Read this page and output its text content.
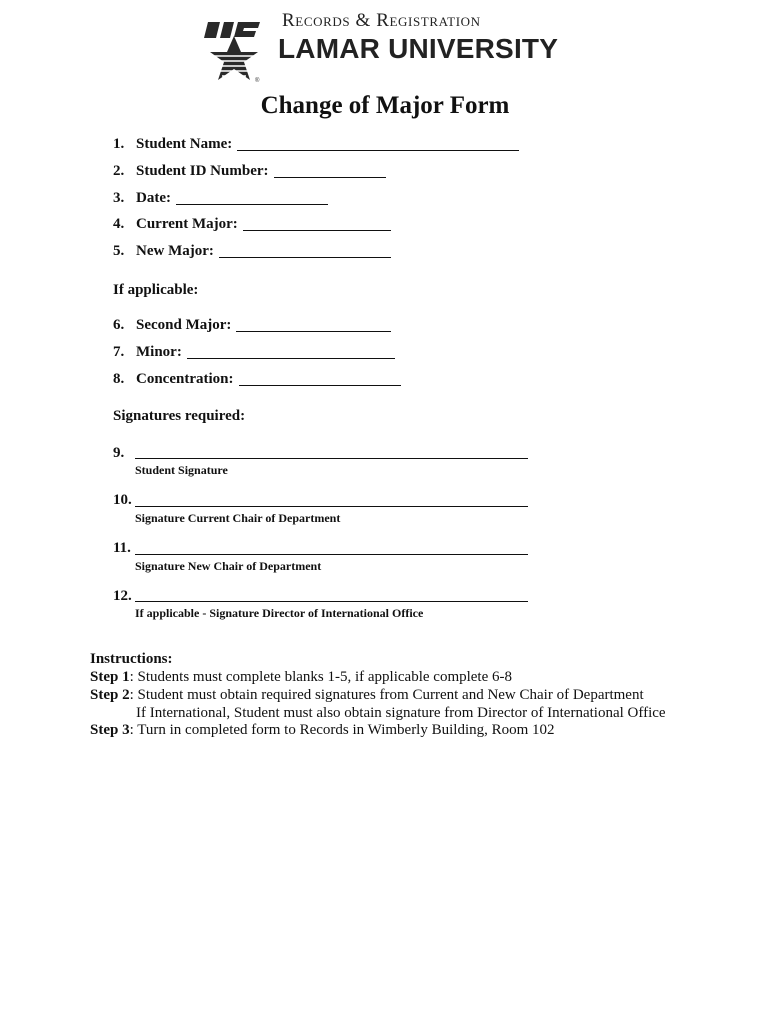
®
Records & Registration
LAMAR UNIVERSITY
Change of Major Form
1. Student Name:
2. Student ID Number:
3. Date:
4. Current Major:
5. New Major:
If applicable:
6. Second Major:
7. Minor:
8. Concentration:
Signatures required:
9.
Student Signature
10.
Signature Current Chair of Department
11.
Signature New Chair of Department
12.
If applicable - Signature Director of International Office
Instructions:
Step 1: Students must complete blanks 1-5, if applicable complete 6-8
Step 2: Student must obtain required signatures from Current and New Chair of Department
If International, Student must also obtain signature from Director of International Office
Step 3: Turn in completed form to Records in Wimberly Building, Room 102
